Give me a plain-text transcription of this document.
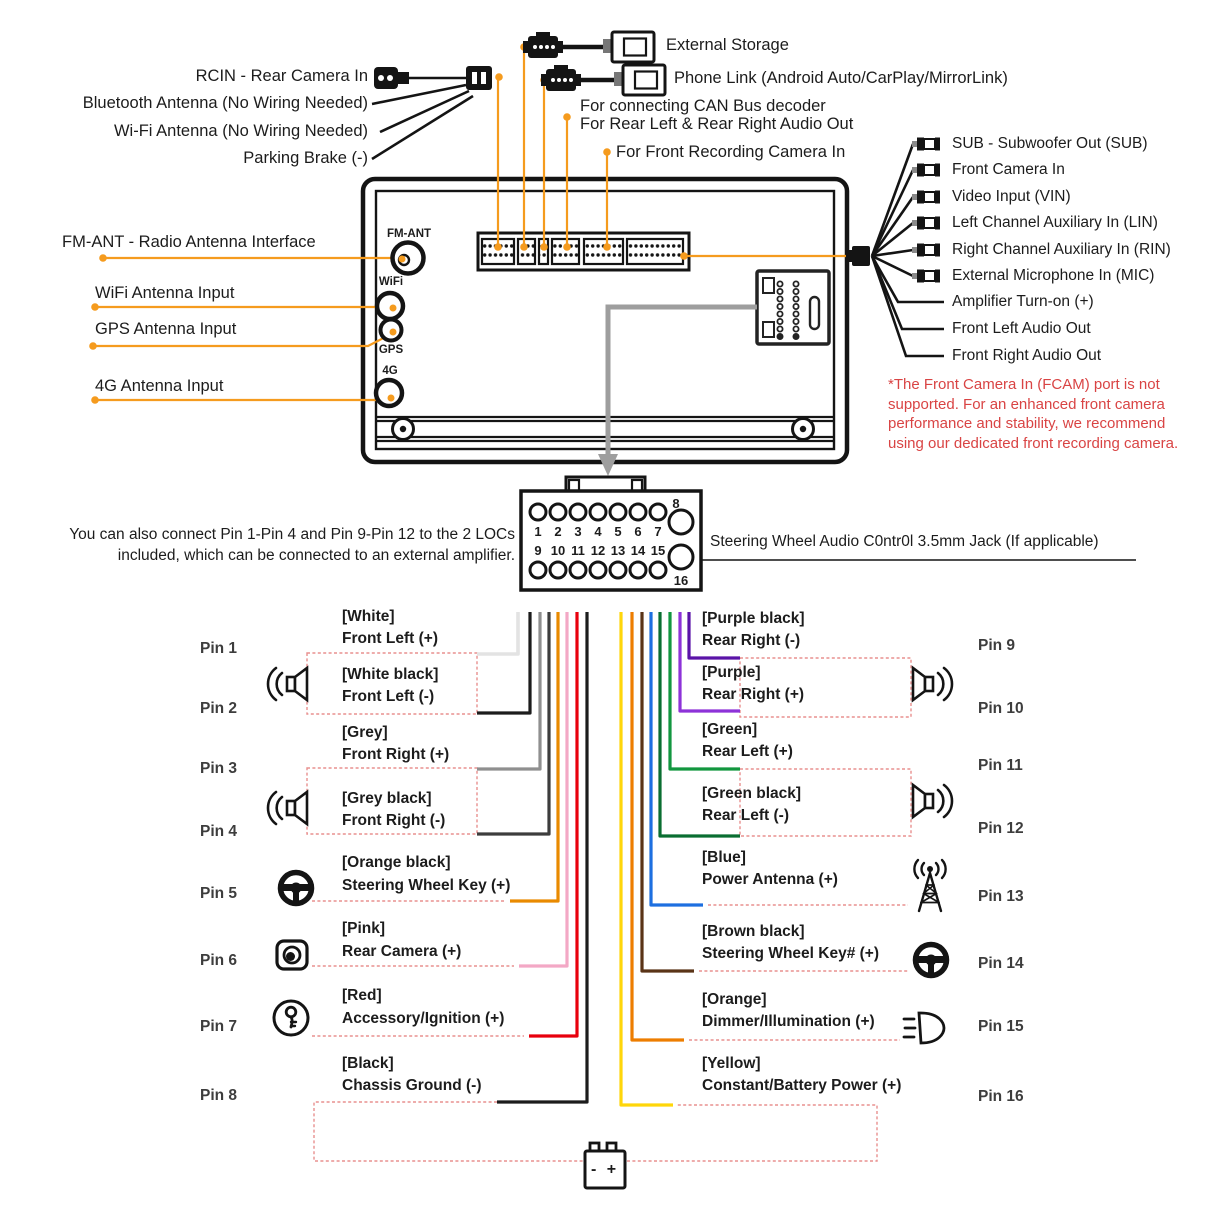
RCIN - Rear Camera In
Bluetooth Antenna (No Wiring Needed)
Wi-Fi Antenna (No Wiring Needed)
Parking Brake (-)
External Storage
Phone Link (Android Auto/CarPlay/MirrorLink)
For connecting CAN Bus decoder
For Rear Left & Rear Right Audio Out
For Front Recording Camera In
FM-ANT - Radio Antenna Interface
WiFi Antenna Input
GPS Antenna Input
4G Antenna Input
FM-ANT
WiFi
GPS
4G
SUB - Subwoofer Out (SUB)
Front Camera In
Video Input (VIN)
Left Channel Auxiliary In (LIN)
Right Channel Auxiliary In (RIN)
External Microphone In (MIC)
Amplifier Turn-on (+)
Front Left Audio Out
Front Right Audio Out
*The Front Camera In (FCAM) port is not
supported. For an enhanced front camera
performance and stability, we recommend
using our dedicated front recording camera.
1 2 3 4 5 6 7
8
9 10 11 12 13 14 15
16
You can also connect Pin 1-Pin 4 and Pin 9-Pin 12 to the 2 LOCs
included, which can be connected to an external amplifier.
Steering Wheel Audio C0ntr0l 3.5mm Jack (If applicable)
Pin 1
Pin 2
Pin 3
Pin 4
Pin 5
Pin 6
Pin 7
Pin 8
[White]
Front Left (+)
[White black]
Front Left (-)
[Grey]
Front Right (+)
[Grey black]
Front Right (-)
[Orange black]
Steering Wheel Key (+)
[Pink]
Rear Camera (+)
[Red]
Accessory/Ignition (+)
[Black]
Chassis Ground (-)
Pin 9
Pin 10
Pin 11
Pin 12
Pin 13
Pin 14
Pin 15
Pin 16
[Purple black]
Rear Right (-)
[Purple]
Rear Right (+)
[Green]
Rear Left (+)
[Green black]
Rear Left (-)
[Blue]
Power Antenna (+)
[Brown black]
Steering Wheel Key# (+)
[Orange]
Dimmer/Illumination (+)
[Yellow]
Constant/Battery Power (+)
- +
